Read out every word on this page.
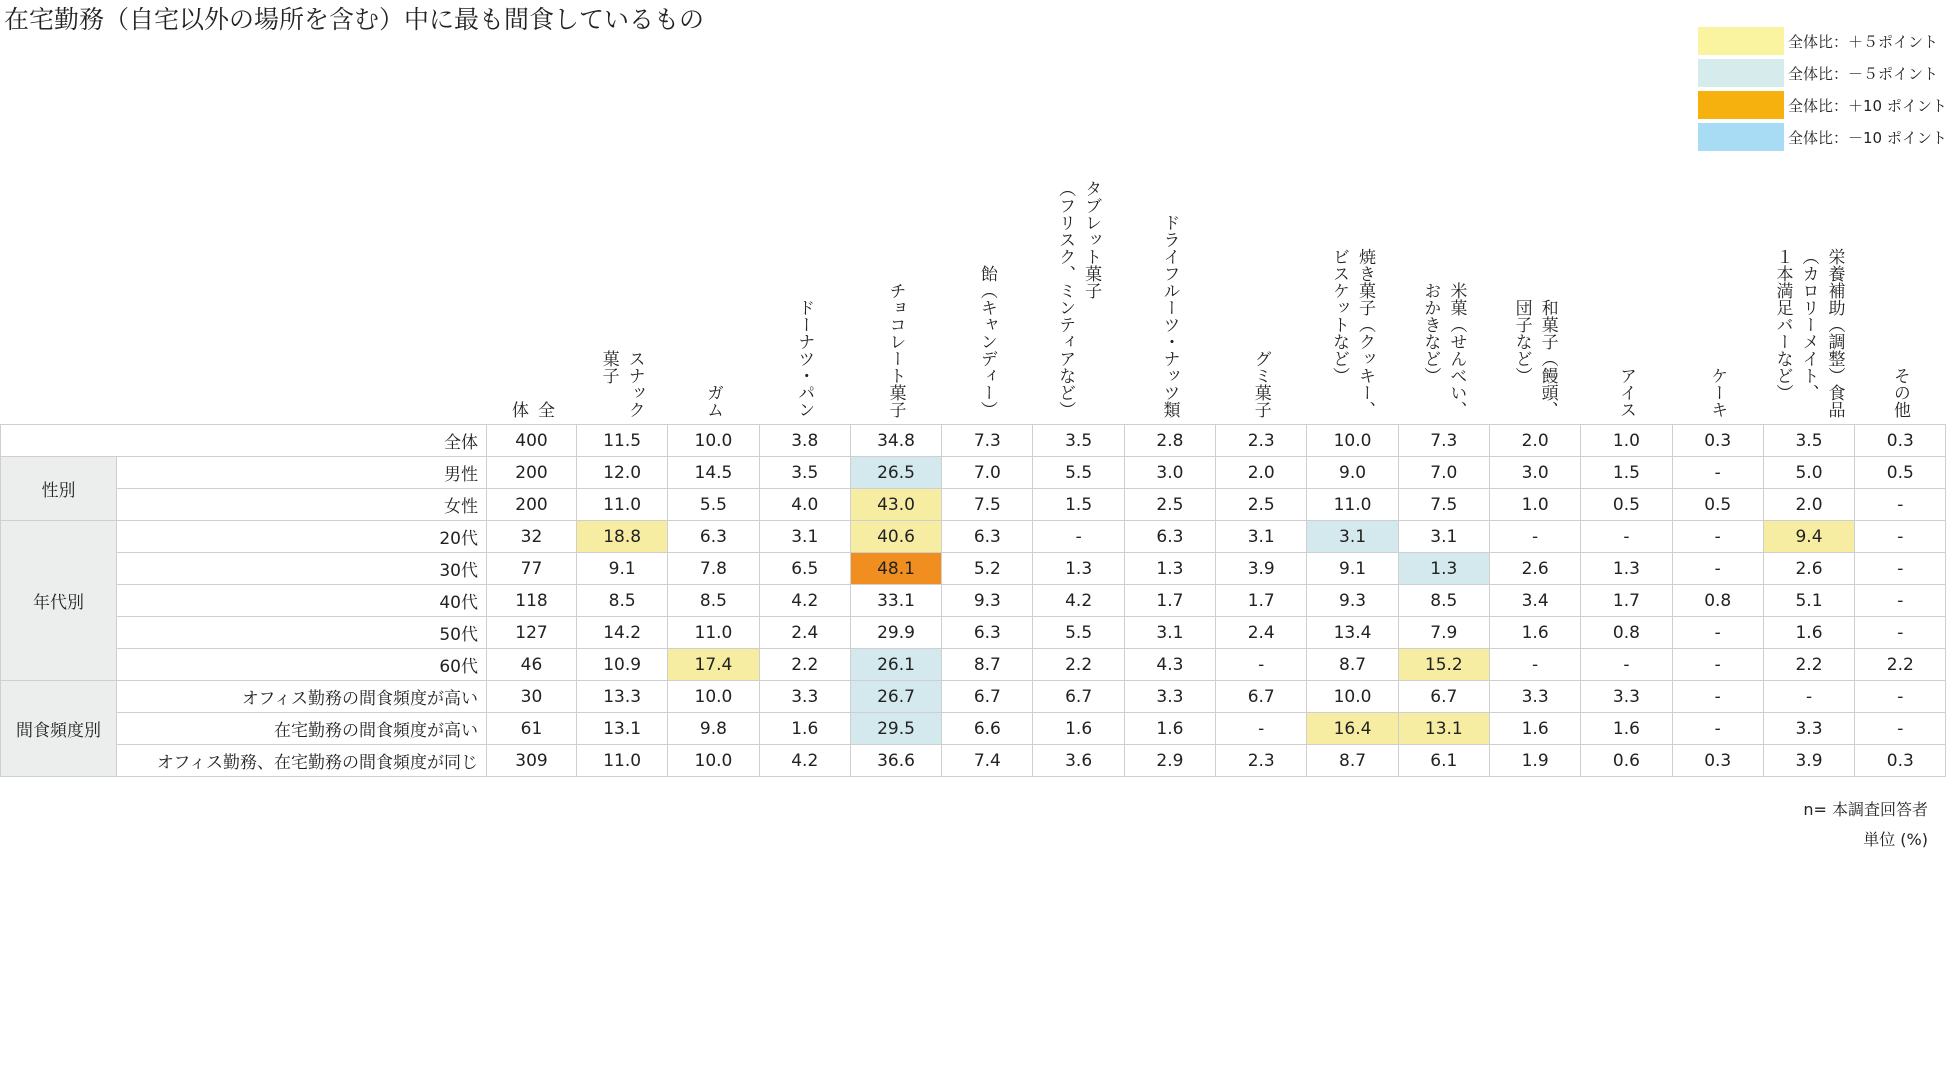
在宅勤務（自宅以外の場所を含む）中に最も間食しているもの
全体比：＋５ポイント
全体比：－５ポイント
全体比：＋10 ポイント
全体比：－10 ポイント
全
体	スナック
菓子
ガム	ドーナツ・パン	チョコレート菓子	飴（キャンディー）
タブレット菓子
（フリスク、ミンティアなど）	ドライフルーツ・ナッツ類	グミ菓子	焼き菓子（クッキー、
ビスケットなど）	米菓（せんべい、
おかきなど）	和菓子（饅頭、
団子など）
アイス	ケーキ	栄養補助（調整）食品
（カロリーメイト、
１本満足バーなど）	その他
全体		400	11.5	10.0	3.8	34.8	7.3	3.5	2.8	2.3	10.0	7.3	2.0	1.0	0.3	3.5	0.3
性別	男性	200	12.0	14.5	3.5	26.5	7.0	5.5	3.0	2.0	9.0	7.0	3.0	1.5	-	5.0	0.5
	女性	200	11.0	5.5	4.0	43.0	7.5	1.5	2.5	2.5	11.0	7.5	1.0	0.5	0.5	2.0	-
年代別	20代	32	18.8	6.3	3.1	40.6	6.3	-	6.3	3.1	3.1	3.1	-	-	-	9.4	-
	30代	77	9.1	7.8	6.5	48.1	5.2	1.3	1.3	3.9	9.1	1.3	2.6	1.3	-	2.6	-
	40代	118	8.5	8.5	4.2	33.1	9.3	4.2	1.7	1.7	9.3	8.5	3.4	1.7	0.8	5.1	-
	50代	127	14.2	11.0	2.4	29.9	6.3	5.5	3.1	2.4	13.4	7.9	1.6	0.8	-	1.6	-
	60代	46	10.9	17.4	2.2	26.1	8.7	2.2	4.3	-	8.7	15.2	-	-	-	2.2	2.2
間食頻度別	オフィス勤務の間食頻度が高い	30	13.3	10.0	3.3	26.7	6.7	6.7	3.3	6.7	10.0	6.7	3.3	3.3	-	-	-
	在宅勤務の間食頻度が高い	61	13.1	9.8	1.6	29.5	6.6	1.6	1.6	-	16.4	13.1	1.6	1.6	-	3.3	-
	オフィス勤務、在宅勤務の間食頻度が同じ	309	11.0	10.0	4.2	36.6	7.4	3.6	2.9	2.3	8.7	6.1	1.9	0.6	0.3	3.9	0.3
n= 本調査回答者
単位 (%)
